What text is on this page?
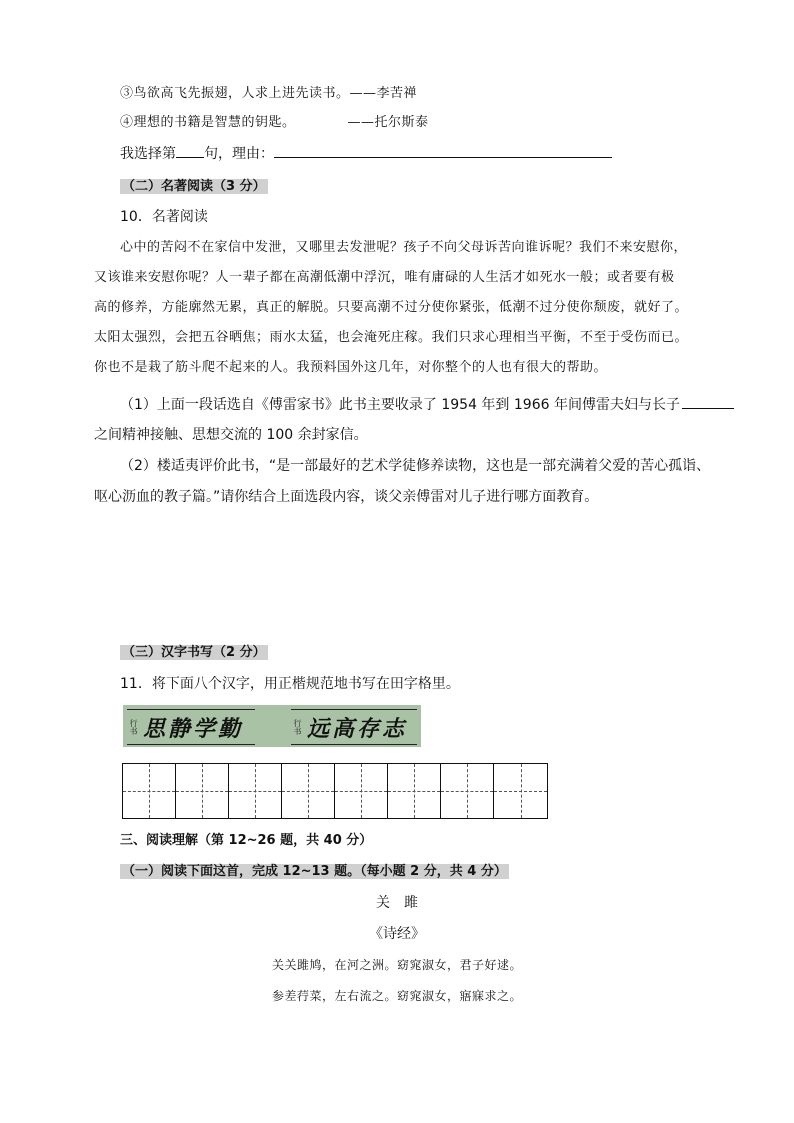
③鸟欲高飞先振翅，人求上进先读书。——李苦禅
④理想的书籍是智慧的钥匙。	——托尔斯泰
我选择第 句，理由：
（二）名著阅读（3 分）
10．名著阅读

心中的苦闷不在家信中发泄，又哪里去发泄呢？孩子不向父母诉苦向谁诉呢？我们不来安慰你，

又该谁来安慰你呢？人一辈子都在高潮低潮中浮沉，唯有庸碌的人生活才如死水一般；或者要有极

高的修养，方能廓然无累，真正的解脱。只要高潮不过分使你紧张，低潮不过分使你颓废，就好了。

太阳太强烈，会把五谷晒焦；雨水太猛，也会淹死庄稼。我们只求心理相当平衡，不至于受伤而已。

你也不是栽了筋斗爬不起来的人。我预料国外这几年，对你整个的人也有很大的帮助。

（1）上面一段话选自《傅雷家书》此书主要收录了 1954 年到 1966 年间傅雷夫妇与长子
之间精神接触、思想交流的 100 余封家信。
（2）楼适夷评价此书，“是一部最好的艺术学徒修养读物，这也是一部充满着父爱的苦心孤诣、
呕心沥血的教子篇。”请你结合上面选段内容，谈父亲傅雷对儿子进行哪方面教育。
（三）汉字书写（2 分）
11．将下面八个汉字，用正楷规范地书写在田字格里。
行书 思静学勤	行书 远高存志
三、阅读理解（第 12~26 题，共 40 分）
（一）阅读下面这首，完成 12~13 题。（每小题 2 分，共 4 分）
关　雎
《诗经》
关关雎鸠，在河之洲。窈窕淑女，君子好逑。
参差荇菜，左右流之。窈窕淑女，寤寐求之。
